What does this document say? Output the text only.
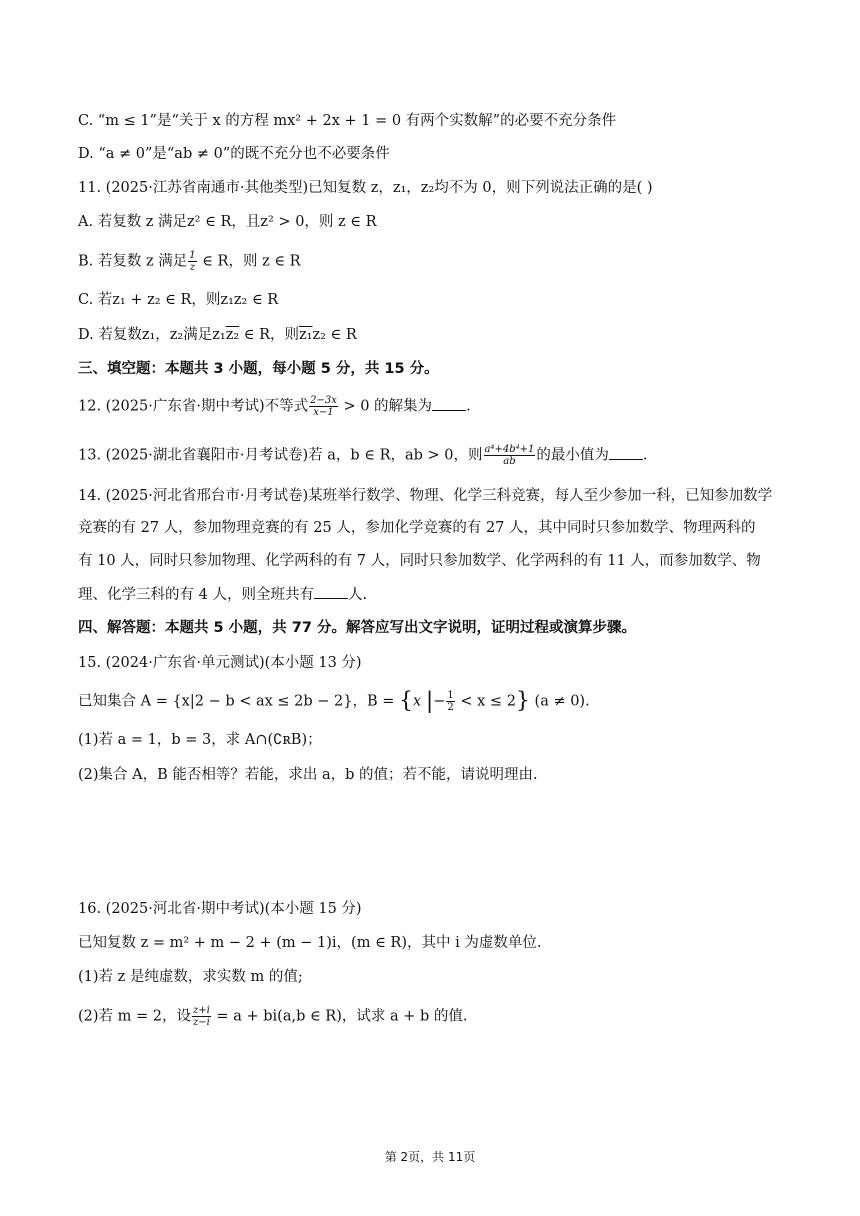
C. “m ≤ 1”是“关于 x 的方程 mx² + 2x + 1 = 0 有两个实数解”的必要不充分条件
D. “a ≠ 0”是“ab ≠ 0”的既不充分也不必要条件
11. (2025·江苏省南通市·其他类型)已知复数 z，z₁，z₂均不为 0，则下列说法正确的是( )
A. 若复数 z 满足z² ∈ R，且z² > 0，则 z ∈ R
B. 若复数 z 满足 $\frac{1}{z}$ ∈ R，则 z ∈ R
C. 若z₁ + z₂ ∈ R，则z₁z₂ ∈ R
D. 若复数z₁，z₂满足z₁z₂ ∈ R，则z₁z₂ ∈ R
三、填空题：本题共 3 小题，每小题 5 分，共 15 分。
12. (2025·广东省·期中考试)不等式 $\frac{2-3x}{x-1} > 0$ 的解集为 .
13. (2025·湖北省襄阳市·月考试卷)若 a，b ∈ R，ab > 0，则 $\frac{\text{a⁴+4b⁴+1}}{ab}$ 的最小值为 .
14. (2025·河北省邢台市·月考试卷)某班举行数学、物理、化学三科竞赛，每人至少参加一科，已知参加数学
竞赛的有 27 人，参加物理竞赛的有 25 人，参加化学竞赛的有 27 人，其中同时只参加数学、物理两科的
有 10 人，同时只参加物理、化学两科的有 7 人，同时只参加数学、化学两科的有 11 人，而参加数学、物
理、化学三科的有 4 人，则全班共有 人.
四、解答题：本题共 5 小题，共 77 分。解答应写出文字说明，证明过程或演算步骤。
15. (2024·广东省·单元测试)(本小题 13 分)
已知集合 A = {x|2 − b < ax ≤ 2b − 2}，B = {x |− $\frac{1}{2} < x \le 2$} (a ≠ 0).
(1)若 a = 1，b = 3，求 A∩(∁ʀB)；
(2)集合 A，B 能否相等？若能，求出 a，b 的值；若不能，请说明理由.
16. (2025·河北省·期中考试)(本小题 15 分)
已知复数 z = m² + m − 2 + (m − 1)i，(m ∈ R)，其中 i 为虚数单位.
(1)若 z 是纯虚数，求实数 m 的值;
(2)若 m = 2，设 $\frac{z+i}{z-i} = a + bi(a,b$ ∈ R)，试求 a + b 的值.
第 2页，共 11页
